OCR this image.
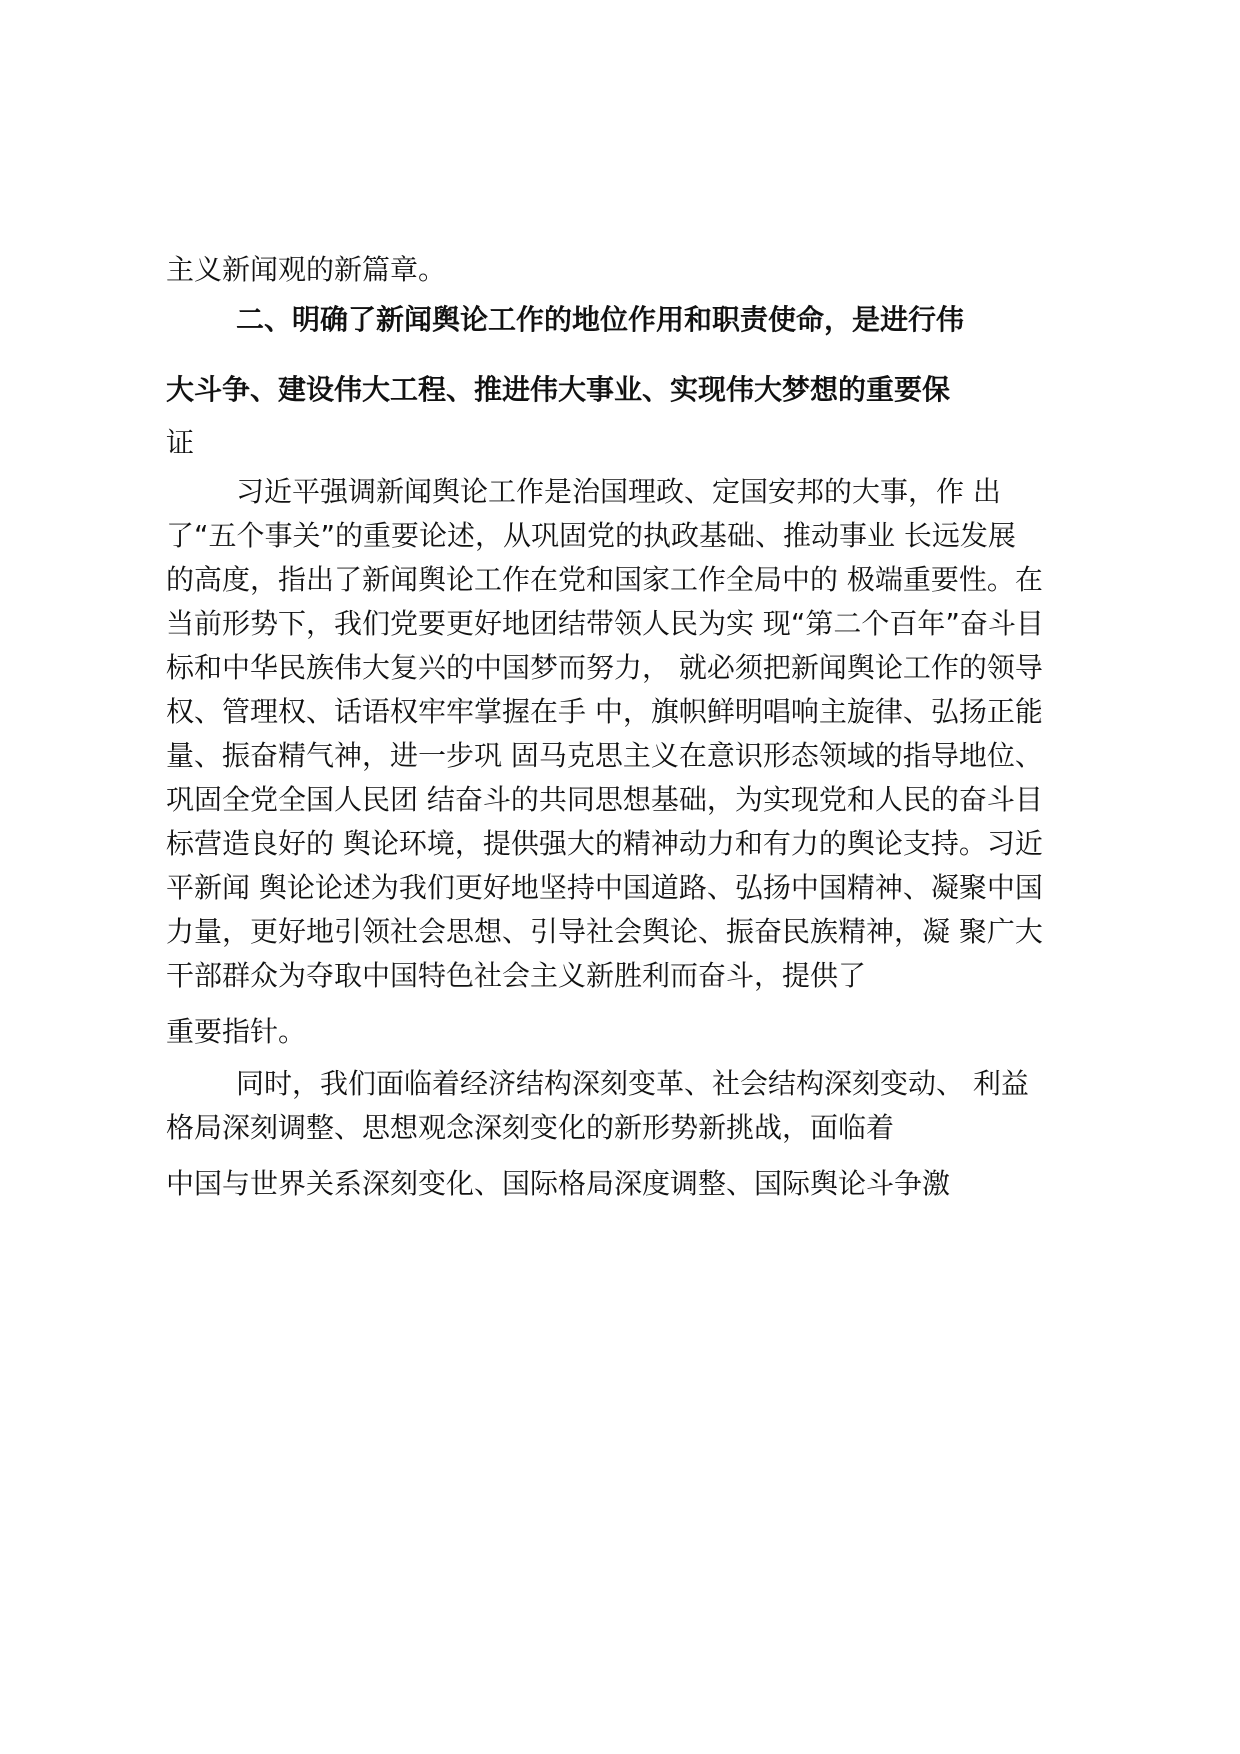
主义新闻观的新篇章。
二、明确了新闻舆论工作的地位作用和职责使命，是进行伟
大斗争、建设伟大工程、推进伟大事业、实现伟大梦想的重要保
证
习近平强调新闻舆论工作是治国理政、定国安邦的大事，作 出
了“五个事关”的重要论述，从巩固党的执政基础、推动事业 长远发展
的高度，指出了新闻舆论工作在党和国家工作全局中的 极端重要性。在
当前形势下，我们党要更好地团结带领人民为实 现“第二个百年”奋斗目
标和中华民族伟大复兴的中国梦而努力， 就必须把新闻舆论工作的领导
权、管理权、话语权牢牢掌握在手 中，旗帜鲜明唱响主旋律、弘扬正能
量、振奋精气神，进一步巩 固马克思主义在意识形态领域的指导地位、
巩固全党全国人民团 结奋斗的共同思想基础，为实现党和人民的奋斗目
标营造良好的 舆论环境，提供强大的精神动力和有力的舆论支持。习近
平新闻 舆论论述为我们更好地坚持中国道路、弘扬中国精神、凝聚中国
力量，更好地引领社会思想、引导社会舆论、振奋民族精神，凝 聚广大
干部群众为夺取中国特色社会主义新胜利而奋斗，提供了
重要指针。
同时，我们面临着经济结构深刻变革、社会结构深刻变动、 利益
格局深刻调整、思想观念深刻变化的新形势新挑战，面临着
中国与世界关系深刻变化、国际格局深度调整、国际舆论斗争激
